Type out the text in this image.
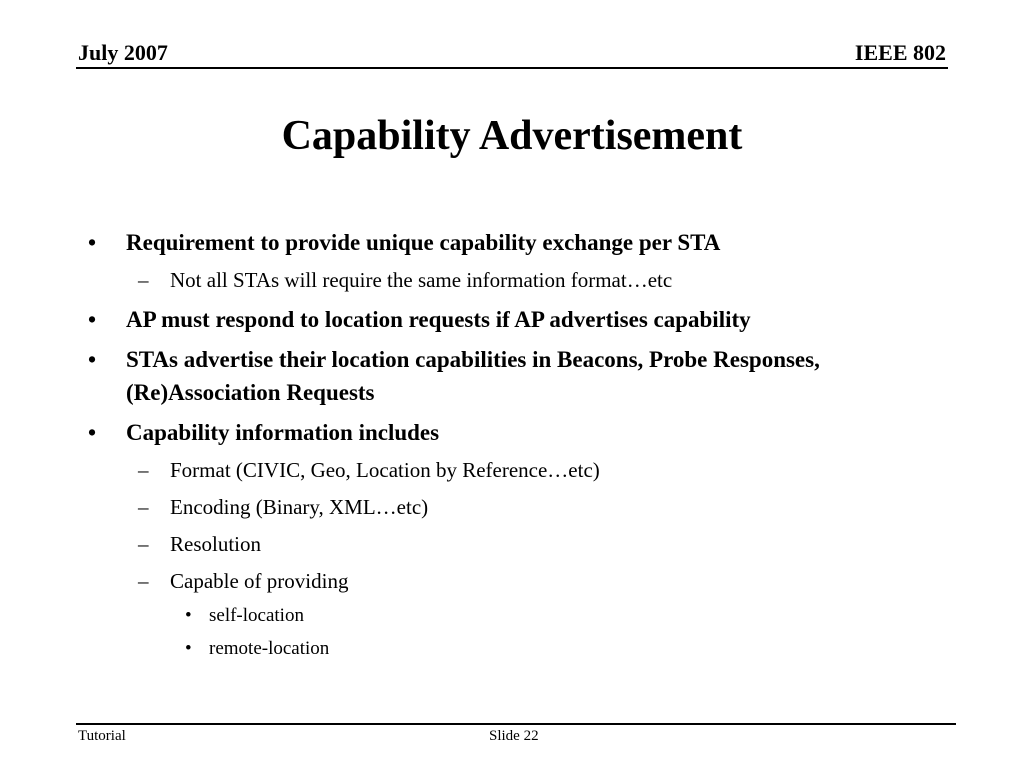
July 2007	IEEE 802
Capability Advertisement
• Requirement to provide unique capability exchange per STA
– Not all STAs will require the same information format…etc
• AP must respond to location requests if AP advertises capability
• STAs advertise their location capabilities in Beacons, Probe Responses, (Re)Association Requests
• Capability information includes
– Format (CIVIC, Geo, Location by Reference…etc)
– Encoding (Binary, XML…etc)
– Resolution
– Capable of providing
• self-location
• remote-location
Tutorial	Slide 22
